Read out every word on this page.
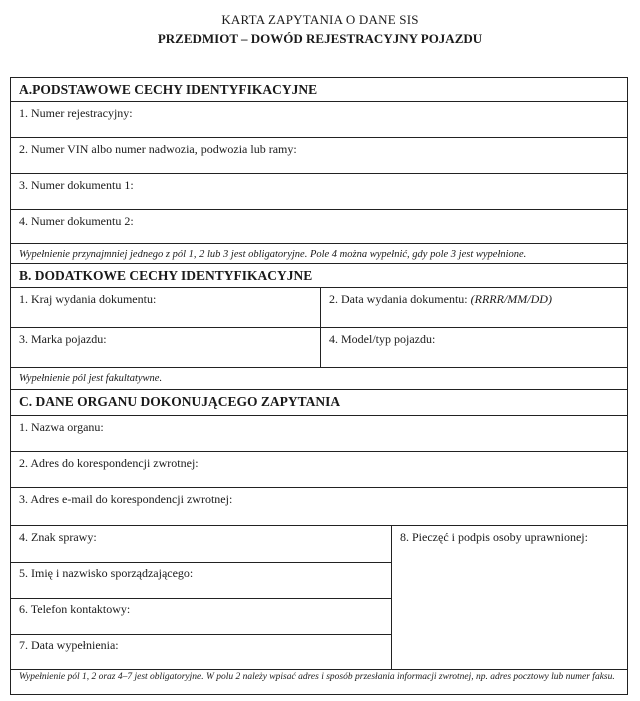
KARTA ZAPYTANIA O DANE SIS
PRZEDMIOT – DOWÓD REJESTRACYJNY POJAZDU
A.PODSTAWOWE CECHY IDENTYFIKACYJNE
1. Numer rejestracyjny:
2. Numer VIN albo numer nadwozia, podwozia lub ramy:
3. Numer dokumentu 1:
4. Numer dokumentu 2:
Wypełnienie przynajmniej jednego z pól 1, 2 lub 3 jest obligatoryjne. Pole 4 można wypełnić, gdy pole 3 jest wypełnione.
B. DODATKOWE CECHY IDENTYFIKACYJNE
1. Kraj wydania dokumentu:	2. Data wydania dokumentu: (RRRR/MM/DD)
3. Marka pojazdu:	4. Model/typ pojazdu:
Wypełnienie pól jest fakultatywne.
C. DANE ORGANU DOKONUJĄCEGO ZAPYTANIA
1. Nazwa organu:
2. Adres do korespondencji zwrotnej:
3. Adres e-mail do korespondencji zwrotnej:
4. Znak sprawy:
5. Imię i nazwisko sporządzającego:
6. Telefon kontaktowy:
7. Data wypełnienia:
8. Pieczęć i podpis osoby uprawnionej:
Wypełnienie pól 1, 2 oraz 4–7 jest obligatoryjne. W polu 2 należy wpisać adres i sposób przesłania informacji zwrotnej, np. adres pocztowy lub numer faksu.
